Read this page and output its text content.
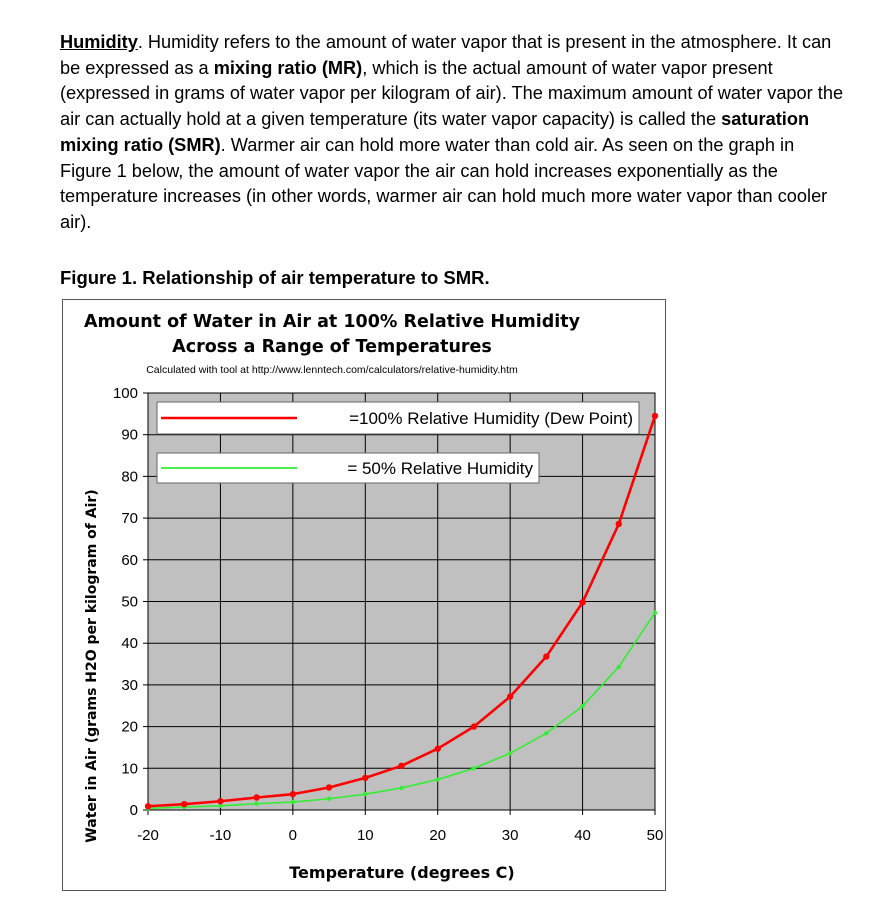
Humidity. Humidity refers to the amount of water vapor that is present in the atmosphere. It can be expressed as a mixing ratio (MR), which is the actual amount of water vapor present (expressed in grams of water vapor per kilogram of air). The maximum amount of water vapor the air can actually hold at a given temperature (its water vapor capacity) is called the saturation mixing ratio (SMR). Warmer air can hold more water than cold air. As seen on the graph in Figure 1 below, the amount of water vapor the air can hold increases exponentially as the temperature increases (in other words, warmer air can hold much more water vapor than cooler air).

Figure 1. Relationship of air temperature to SMR.

Amount of Water in Air at 100% Relative Humidity
Across a Range of Temperatures
Calculated with tool at http://www.lenntech.com/calculators/relative-humidity.htm
0
10
20
30
40
50
60
70
80
90
100
-20	-10	0	10	20	30	40	50
=100% Relative Humidity (Dew Point)
= 50% Relative Humidity
Temperature (degrees C)
Water in Air (grams H2O per kilogram of Air)
